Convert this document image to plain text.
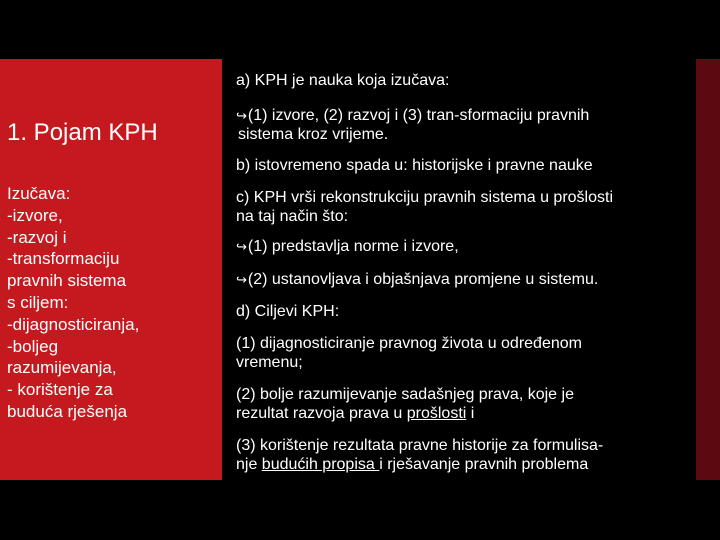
1. Pojam KPH
Izučava:
-izvore,
-razvoj i
-transformaciju
pravnih sistema
s ciljem:
-dijagnosticiranja,
-boljeg
razumijevanja,
- korištenje za
buduća rješenja
a) KPH je nauka koja izučava:
↪(1) izvore, (2) razvoj i (3) tran-sformaciju pravnih
sistema kroz vrijeme.
b) istovremeno spada u: historijske i pravne nauke
c) KPH vrši rekonstrukciju pravnih sistema u prošlosti
na taj način što:
↪(1) predstavlja norme i izvore,
↪(2) ustanovljava i objašnjava promjene u sistemu.
d) Ciljevi KPH:
(1) dijagnosticiranje pravnog života u određenom
vremenu;
(2) bolje razumijevanje sadašnjeg prava, koje je
rezultat razvoja prava u prošlosti i
(3) korištenje rezultata pravne historije za formulisa-
nje budućih propisa i rješavanje pravnih problema
